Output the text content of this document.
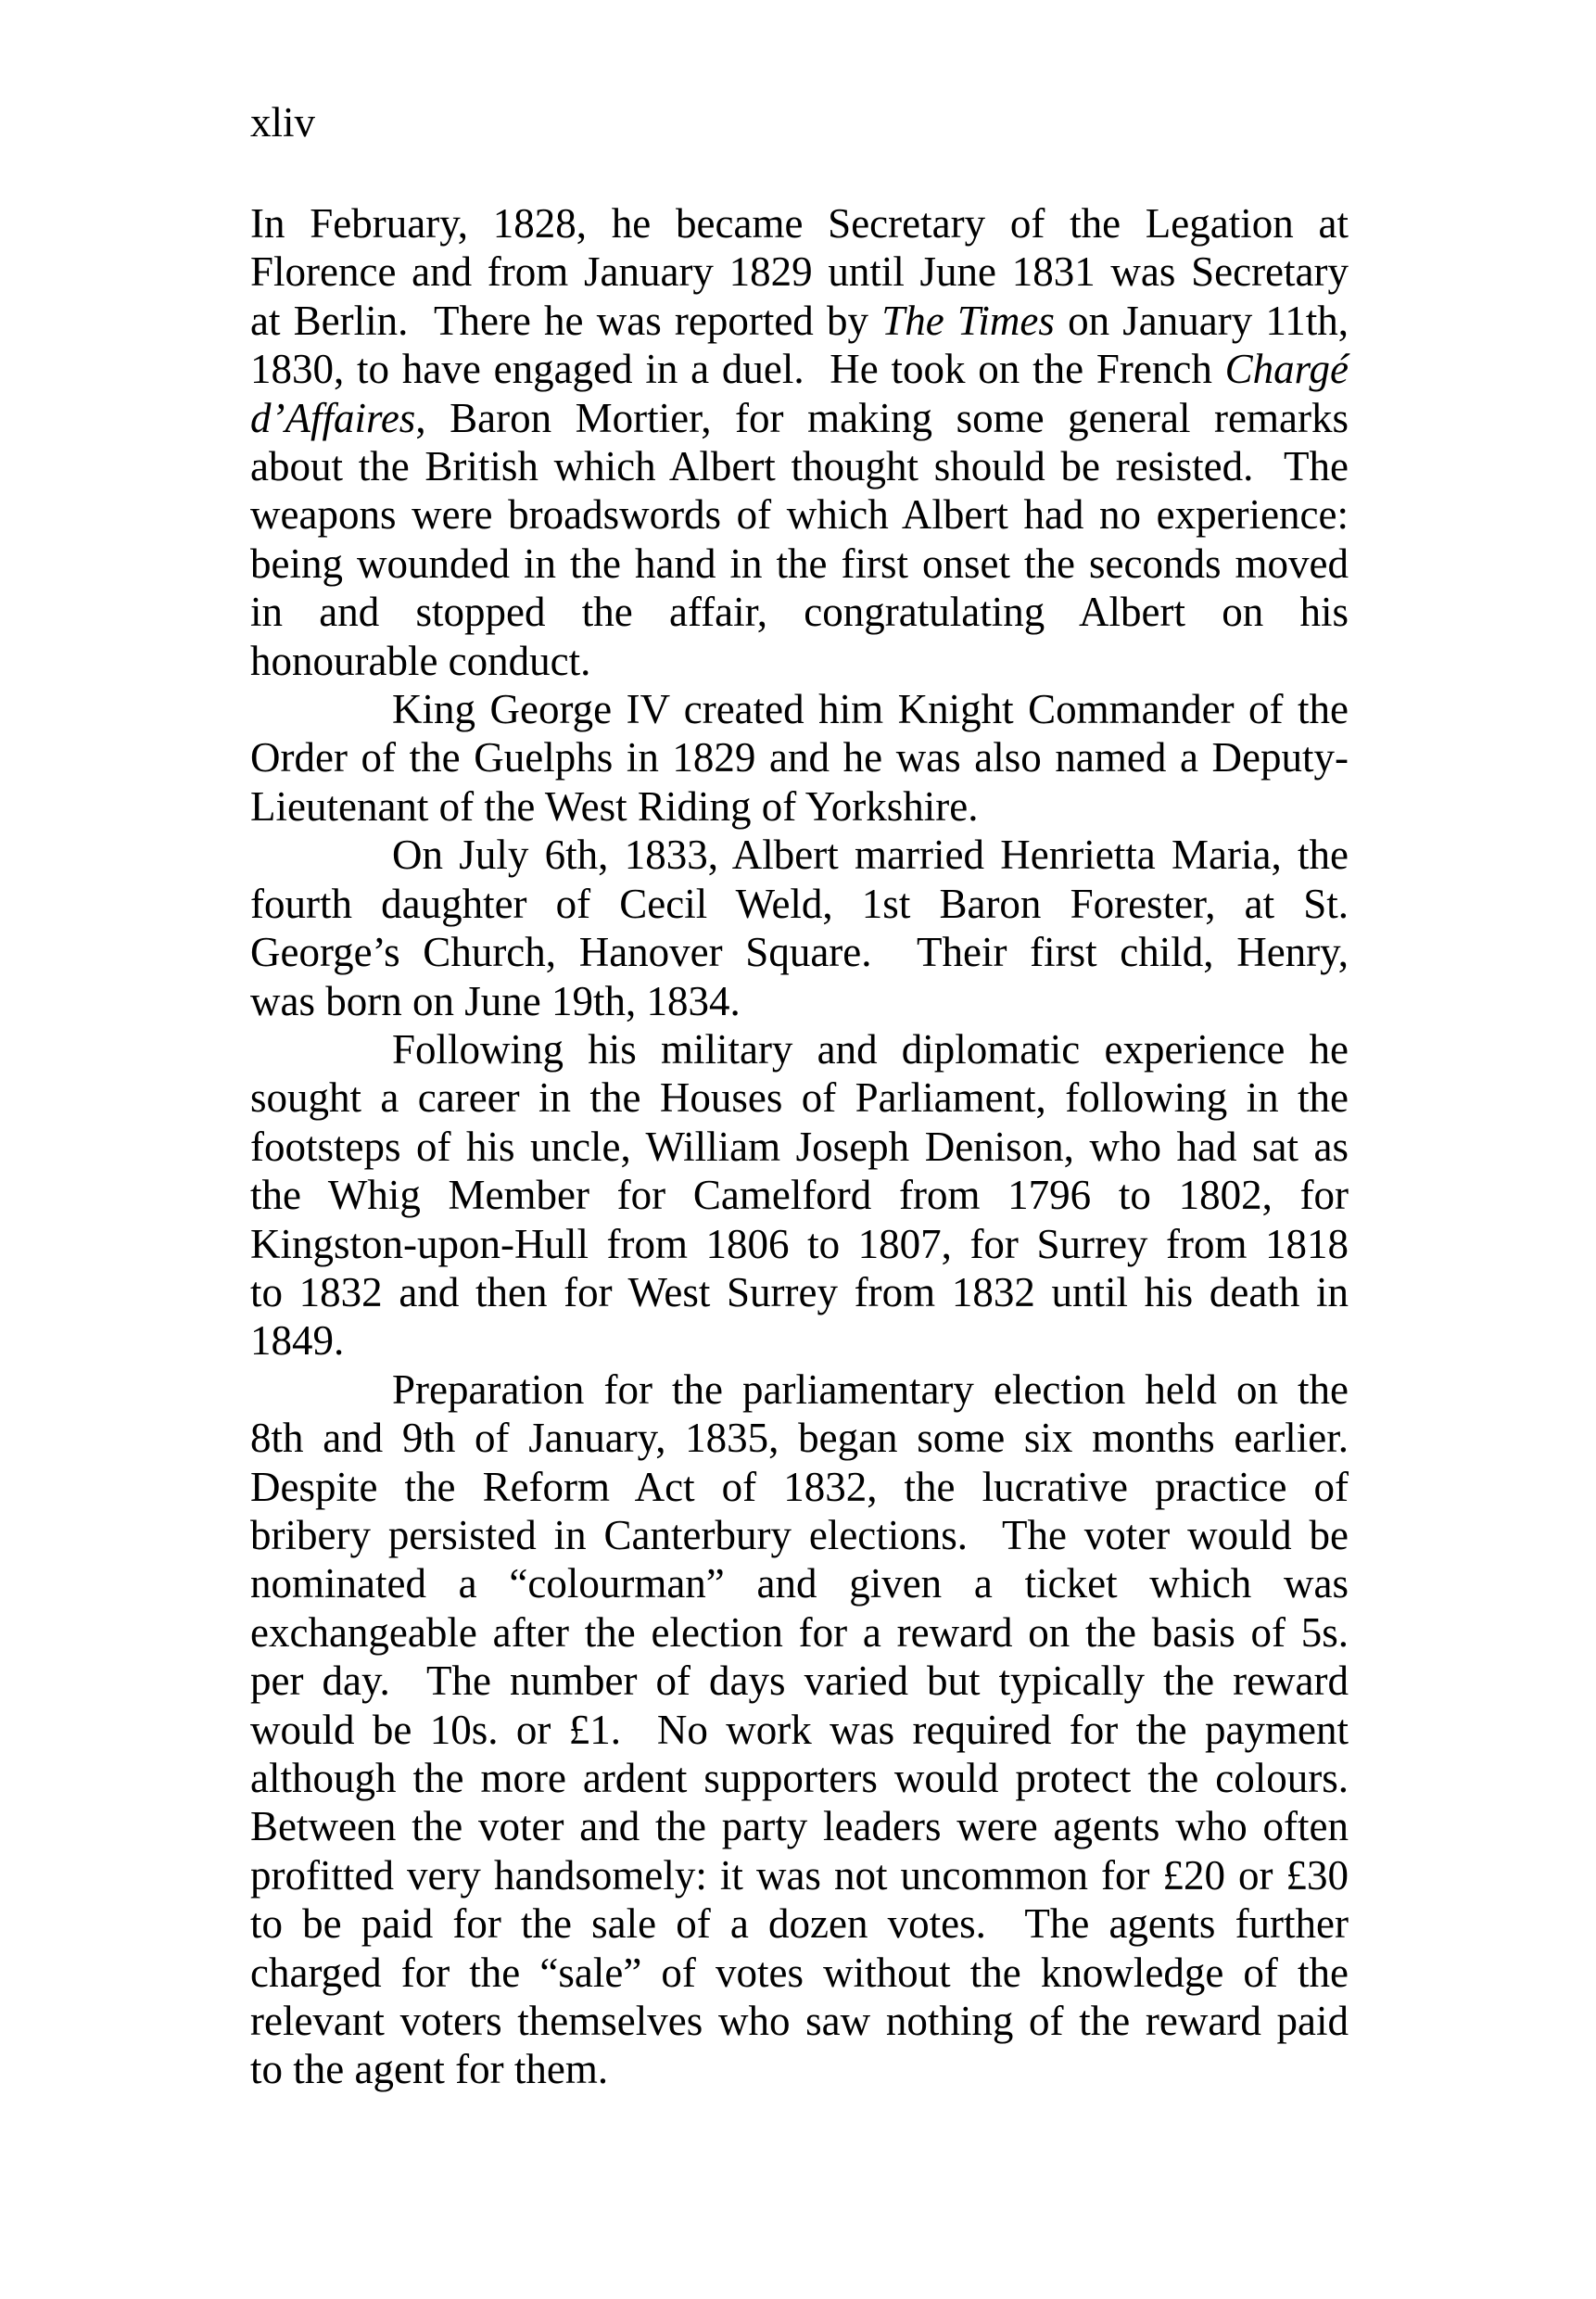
xliv
In February, 1828, he became Secretary of the Legation at
Florence and from January 1829 until June 1831 was Secretary
at Berlin.  There he was reported by The Times on January 11th,
1830, to have engaged in a duel.  He took on the French Chargé
d’Affaires, Baron Mortier, for making some general remarks
about the British which Albert thought should be resisted.  The
weapons were broadswords of which Albert had no experience:
being wounded in the hand in the first onset the seconds moved
in and stopped the affair, congratulating Albert on his
honourable conduct.
King George IV created him Knight Commander of the
Order of the Guelphs in 1829 and he was also named a Deputy-
Lieutenant of the West Riding of Yorkshire.
On July 6th, 1833, Albert married Henrietta Maria, the
fourth daughter of Cecil Weld, 1st Baron Forester, at St.
George’s Church, Hanover Square.  Their first child, Henry,
was born on June 19th, 1834.
Following his military and diplomatic experience he
sought a career in the Houses of Parliament, following in the
footsteps of his uncle, William Joseph Denison, who had sat as
the Whig Member for Camelford from 1796 to 1802, for
Kingston-upon-Hull from 1806 to 1807, for Surrey from 1818
to 1832 and then for West Surrey from 1832 until his death in
1849.
Preparation for the parliamentary election held on the
8th and 9th of January, 1835, began some six months earlier.
Despite the Reform Act of 1832, the lucrative practice of
bribery persisted in Canterbury elections.  The voter would be
nominated a “colourman” and given a ticket which was
exchangeable after the election for a reward on the basis of 5s.
per day.  The number of days varied but typically the reward
would be 10s. or £1.  No work was required for the payment
although the more ardent supporters would protect the colours.
Between the voter and the party leaders were agents who often
profitted very handsomely: it was not uncommon for £20 or £30
to be paid for the sale of a dozen votes.  The agents further
charged for the “sale” of votes without the knowledge of the
relevant voters themselves who saw nothing of the reward paid
to the agent for them.
